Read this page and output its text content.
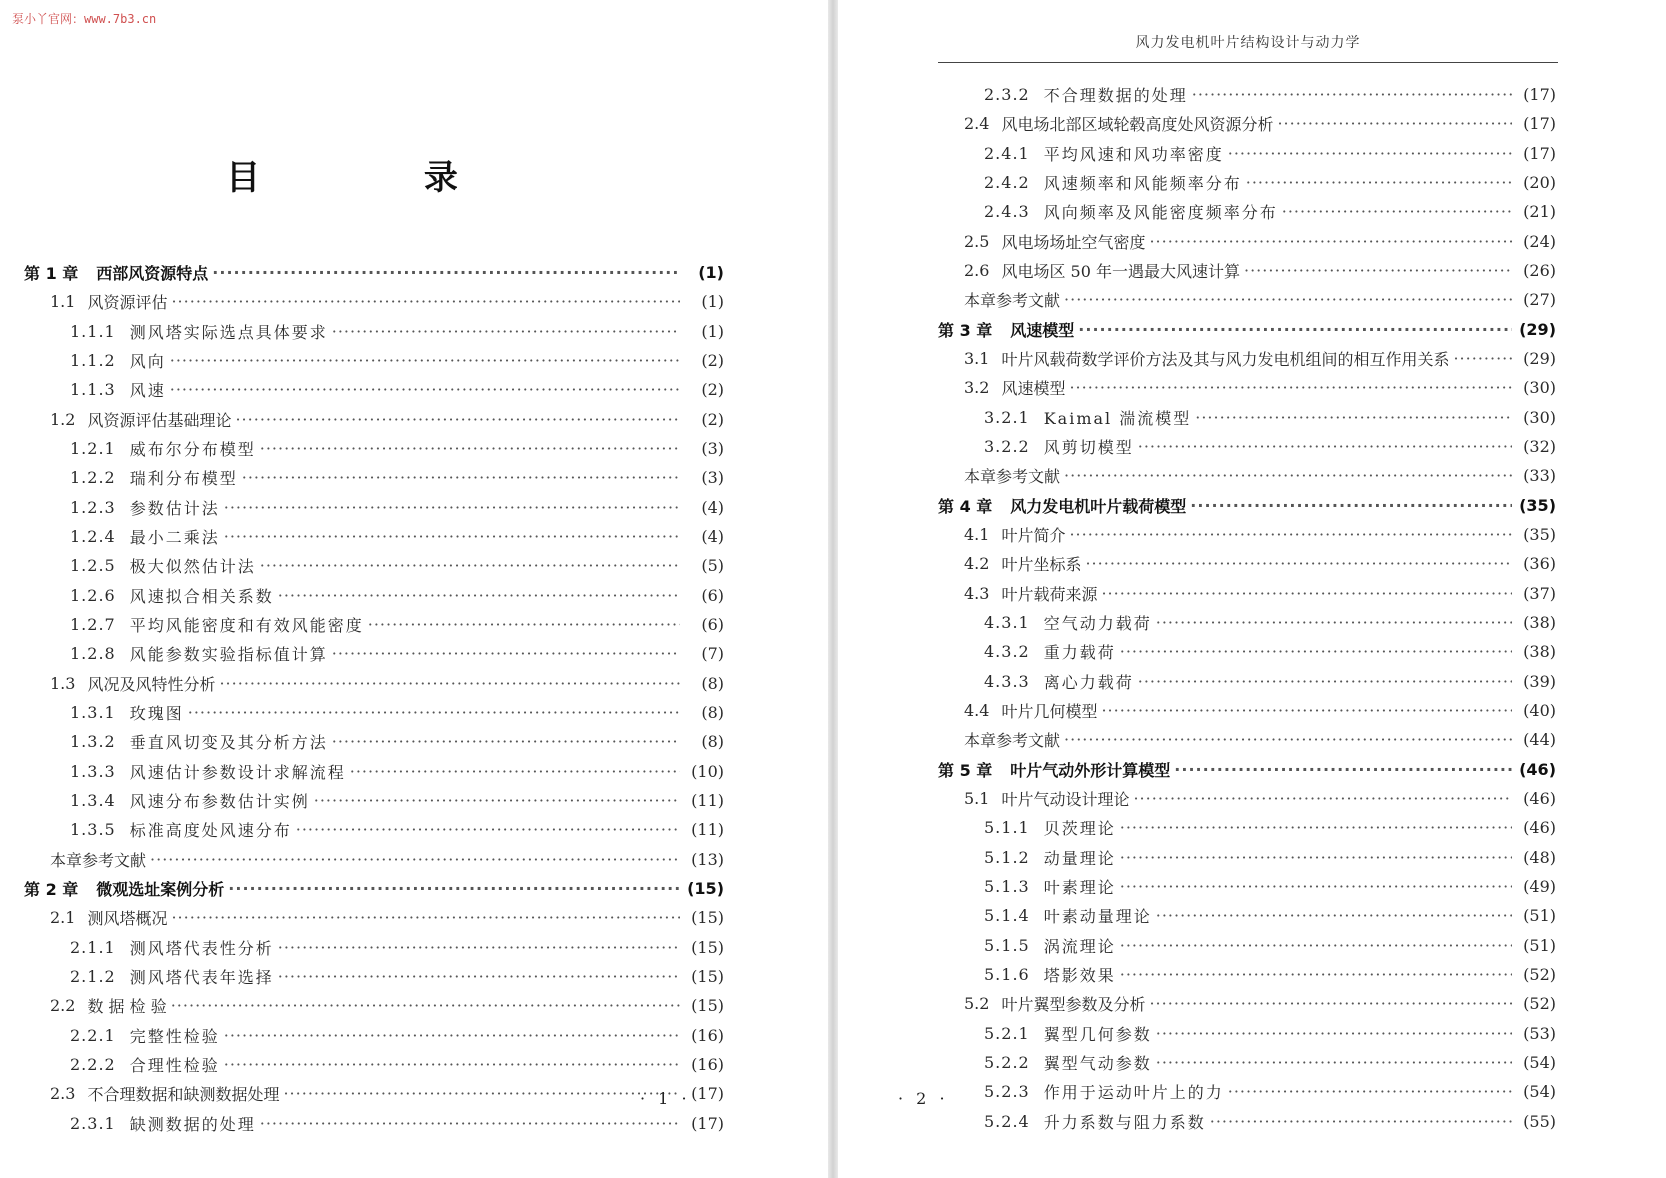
泵小丫官网：www.7b3.cn
目 录
第 1 章 西部风资源特点 ·····	(1)
1.1 风资源评估 ·····	(1)
1.1.1 测风塔实际选点具体要求 ·····	(1)
1.1.2 风向 ·····	(2)
1.1.3 风速 ·····	(2)
1.2 风资源评估基础理论 ·····	(2)
1.2.1 威布尔分布模型 ·····	(3)
1.2.2 瑞利分布模型 ·····	(3)
1.2.3 参数估计法 ·····	(4)
1.2.4 最小二乘法 ·····	(4)
1.2.5 极大似然估计法 ·····	(5)
1.2.6 风速拟合相关系数 ·····	(6)
1.2.7 平均风能密度和有效风能密度 ·····	(6)
1.2.8 风能参数实验指标值计算 ·····	(7)
1.3 风况及风特性分析 ·····	(8)
1.3.1 玫瑰图 ·····	(8)
1.3.2 垂直风切变及其分析方法 ·····	(8)
1.3.3 风速估计参数设计求解流程 ·····	(10)
1.3.4 风速分布参数估计实例 ·····	(11)
1.3.5 标准高度处风速分布 ·····	(11)
本章参考文献 ·····	(13)
第 2 章 微观选址案例分析 ·····	(15)
2.1 测风塔概况 ·····	(15)
2.1.1 测风塔代表性分析 ·····	(15)
2.1.2 测风塔代表年选择 ·····	(15)
2.2 数 据 检 验 ·····	(15)
2.2.1 完整性检验 ·····	(16)
2.2.2 合理性检验 ·····	(16)
2.3 不合理数据和缺测数据处理 ·····	(17)
2.3.1 缺测数据的处理 ·····	(17)
· 1 ·
风力发电机叶片结构设计与动力学
2.3.2 不合理数据的处理 ·····	(17)
2.4 风电场北部区域轮毂高度处风资源分析 ·····	(17)
2.4.1 平均风速和风功率密度 ·····	(17)
2.4.2 风速频率和风能频率分布 ·····	(20)
2.4.3 风向频率及风能密度频率分布 ·····	(21)
2.5 风电场场址空气密度 ·····	(24)
2.6 风电场区 50 年一遇最大风速计算 ·····	(26)
本章参考文献 ·····	(27)
第 3 章 风速模型 ·····	(29)
3.1 叶片风载荷数学评价方法及其与风力发电机组间的相互作用关系 ·····	(29)
3.2 风速模型 ·····	(30)
3.2.1 Kaimal 湍流模型 ·····	(30)
3.2.2 风剪切模型 ·····	(32)
本章参考文献 ·····	(33)
第 4 章 风力发电机叶片载荷模型 ·····	(35)
4.1 叶片简介 ·····	(35)
4.2 叶片坐标系 ·····	(36)
4.3 叶片载荷来源 ·····	(37)
4.3.1 空气动力载荷 ·····	(38)
4.3.2 重力载荷 ·····	(38)
4.3.3 离心力载荷 ·····	(39)
4.4 叶片几何模型 ·····	(40)
本章参考文献 ·····	(44)
第 5 章 叶片气动外形计算模型 ·····	(46)
5.1 叶片气动设计理论 ·····	(46)
5.1.1 贝茨理论 ·····	(46)
5.1.2 动量理论 ·····	(48)
5.1.3 叶素理论 ·····	(49)
5.1.4 叶素动量理论 ·····	(51)
5.1.5 涡流理论 ·····	(51)
5.1.6 塔影效果 ·····	(52)
5.2 叶片翼型参数及分析 ·····	(52)
5.2.1 翼型几何参数 ·····	(53)
5.2.2 翼型气动参数 ·····	(54)
5.2.3 作用于运动叶片上的力 ·····	(54)
5.2.4 升力系数与阻力系数 ·····	(55)
· 2 ·
